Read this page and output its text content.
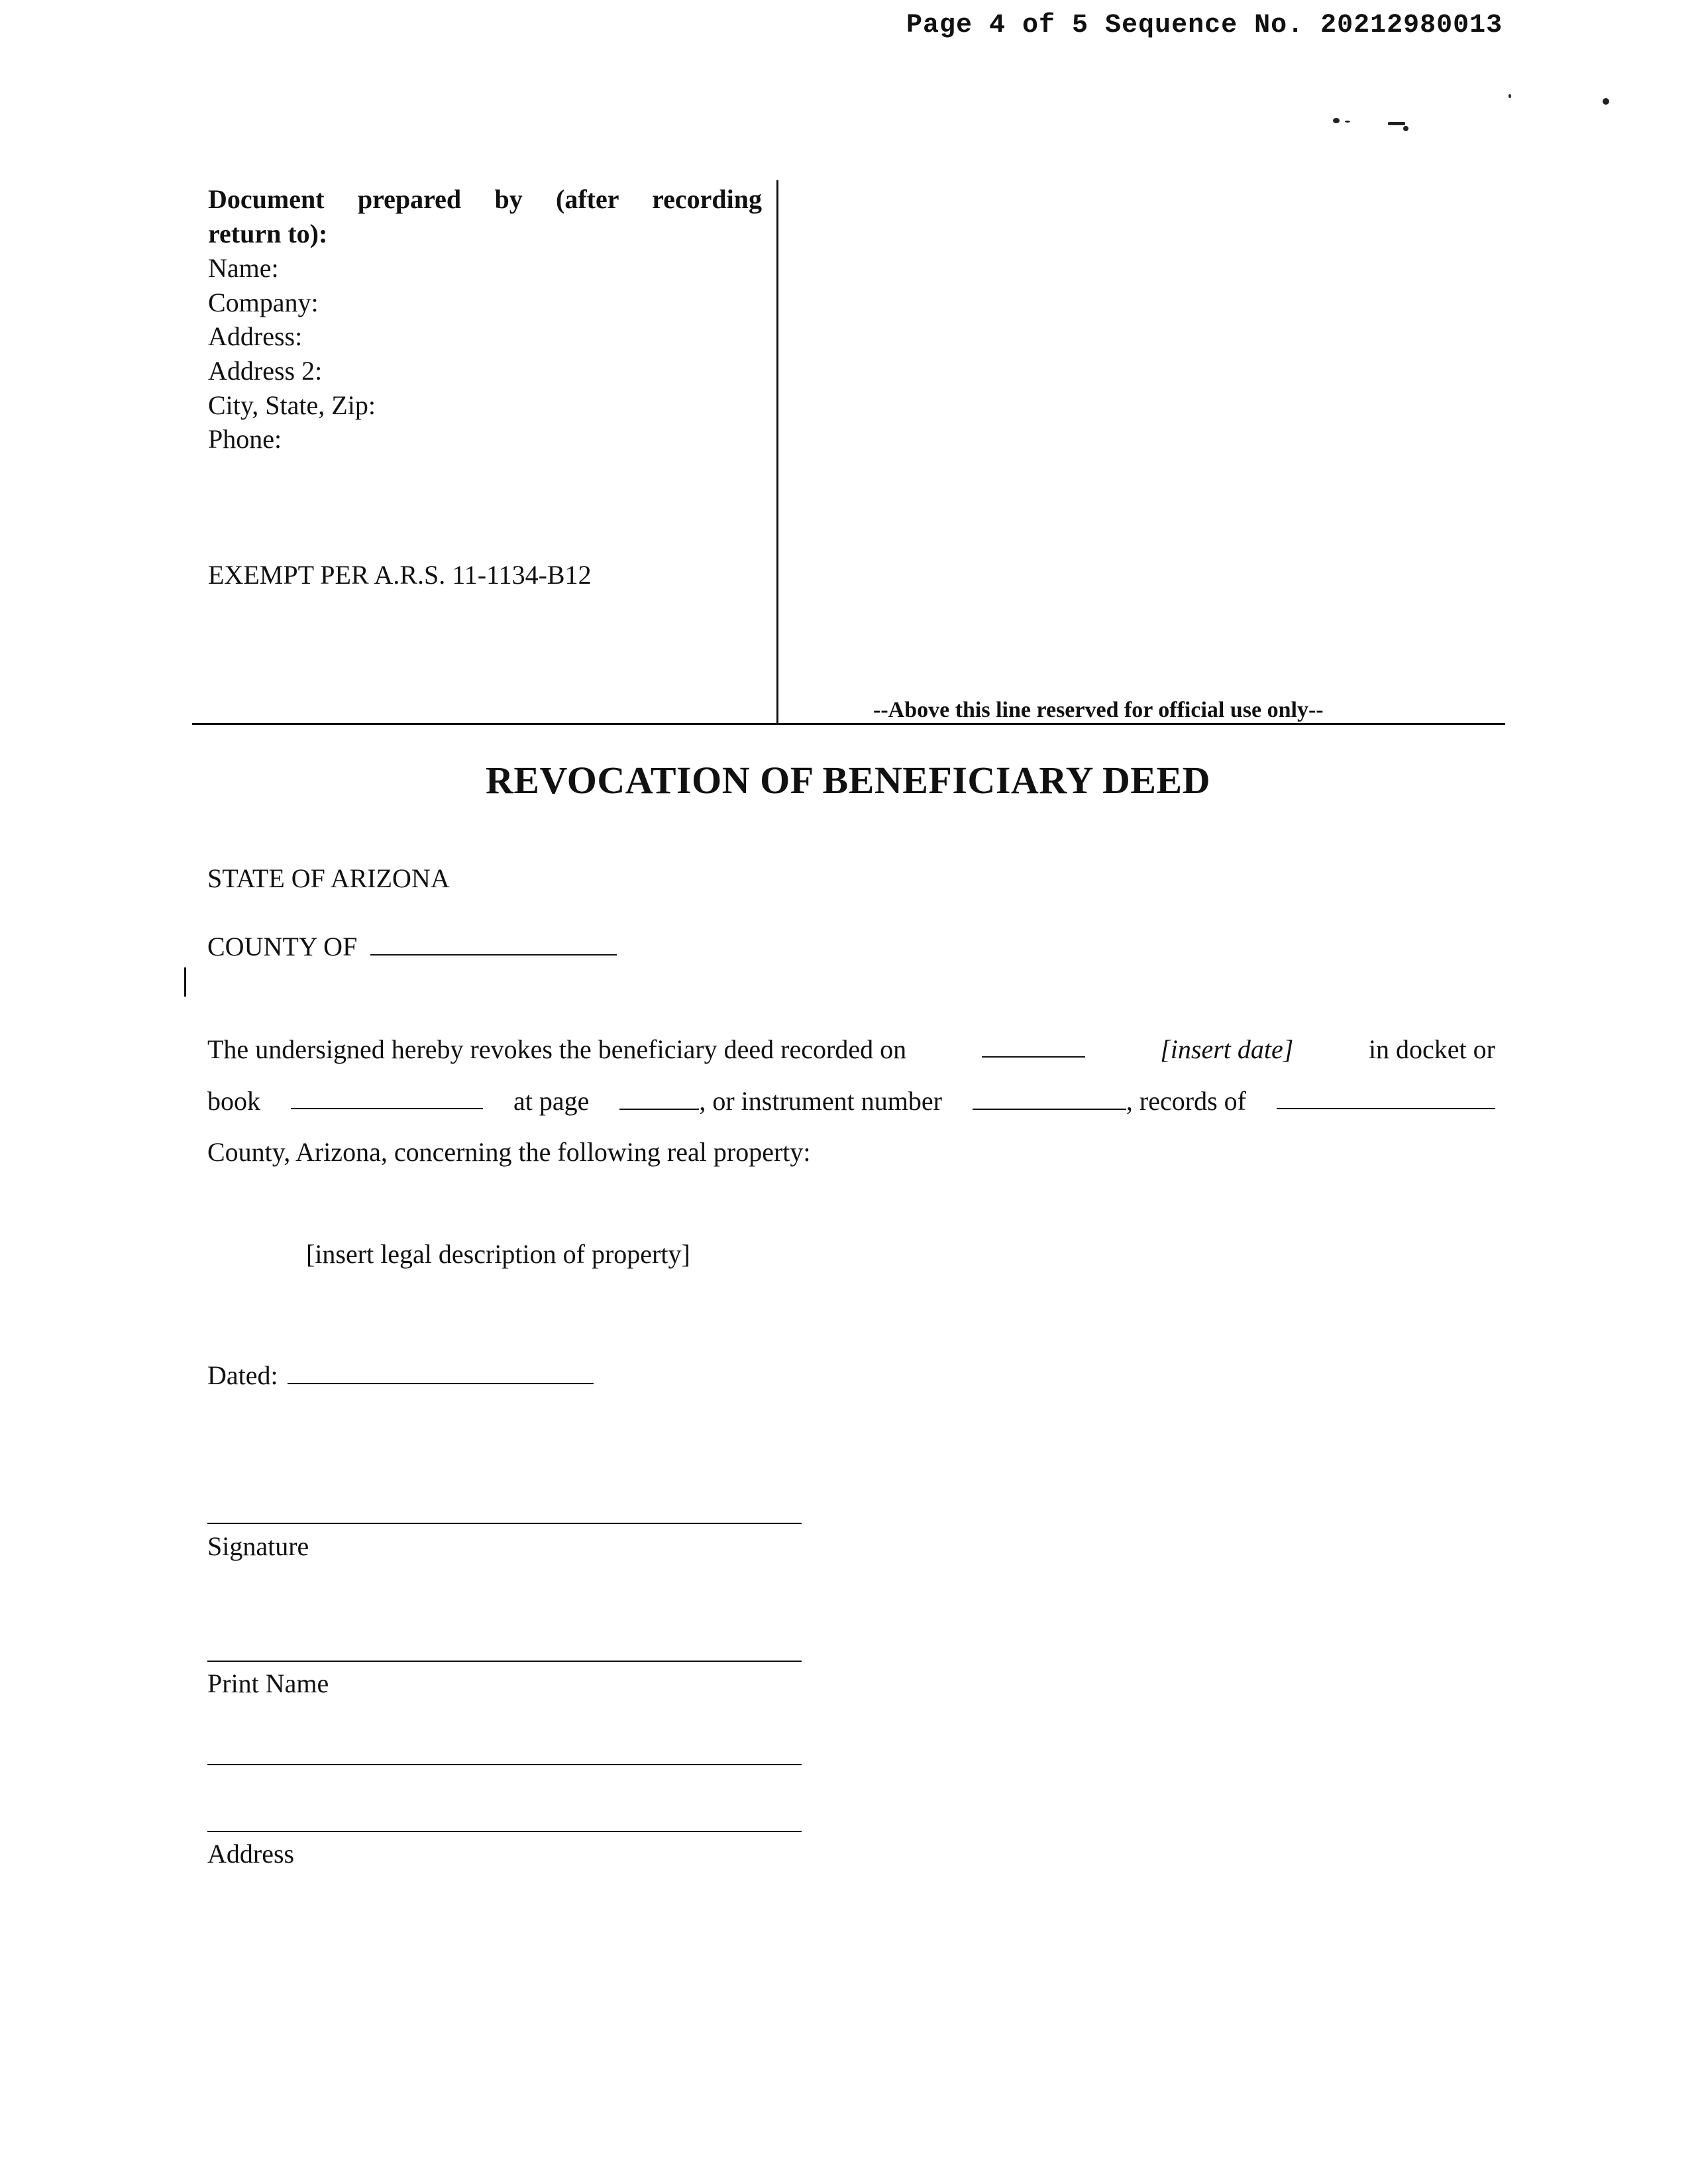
Page 4 of 5 Sequence No. 20212980013
Document prepared by (after recording
return to):
Name:
Company:
Address:
Address 2:
City, State, Zip:
Phone:
EXEMPT PER A.R.S. 11-1134-B12
--Above this line reserved for official use only--
REVOCATION OF BENEFICIARY DEED
STATE OF ARIZONA
COUNTY OF
The undersigned hereby revokes the beneficiary deed recorded on	[insert date]	in docket or
book	at page	, or instrument number	, records of
County, Arizona, concerning the following real property:
[insert legal description of property]
Dated:
Signature
Print Name
Address
